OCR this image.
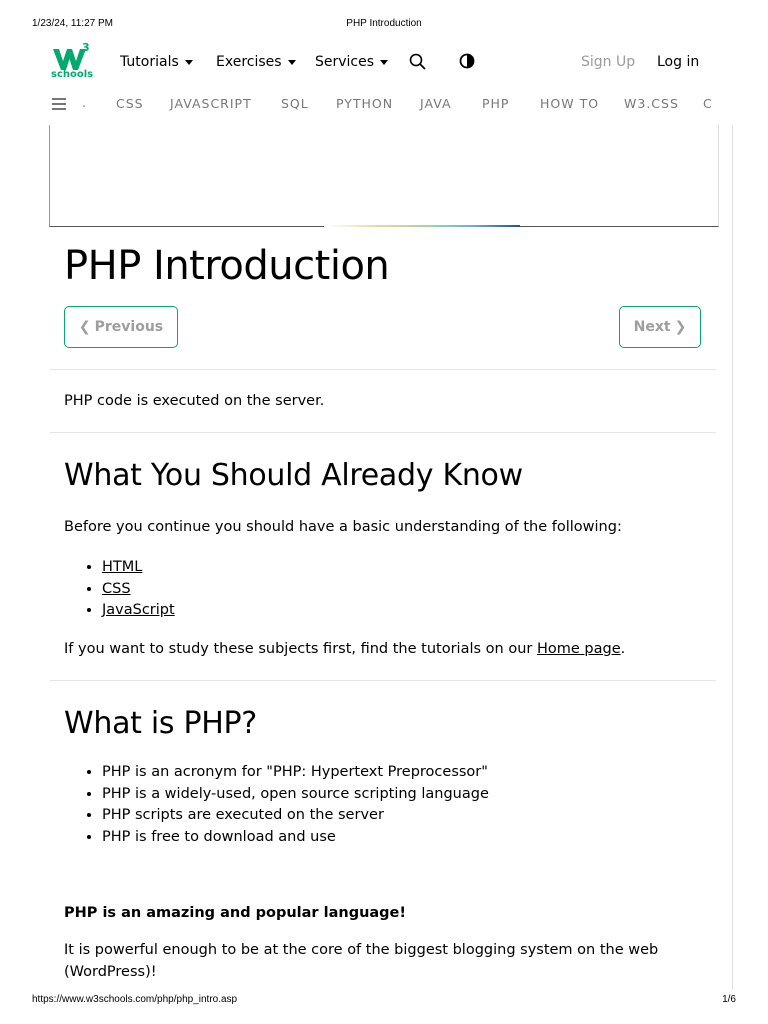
1/23/24, 11:27 PM	PHP Introduction
3
schools
Tutorials	Exercises Services	Sign Up Log in
. CSS JAVASCRIPT SQL PYTHON JAVA PHP HOW TO W3.CSS C
PHP Introduction
❮ Previous	Next ❯

PHP code is executed on the server.

What You Should Already Know

Before you continue you should have a basic understanding of the following:

• HTML
• CSS
• JavaScript

If you want to study these subjects first, find the tutorials on our Home page.

What is PHP?
• PHP is an acronym for "PHP: Hypertext Preprocessor"
• PHP is a widely-used, open source scripting language
• PHP scripts are executed on the server
• PHP is free to download and use

PHP is an amazing and popular language!

It is powerful enough to be at the core of the biggest blogging system on the web (WordPress)!

https://www.w3schools.com/php/php_intro.asp	1/6
